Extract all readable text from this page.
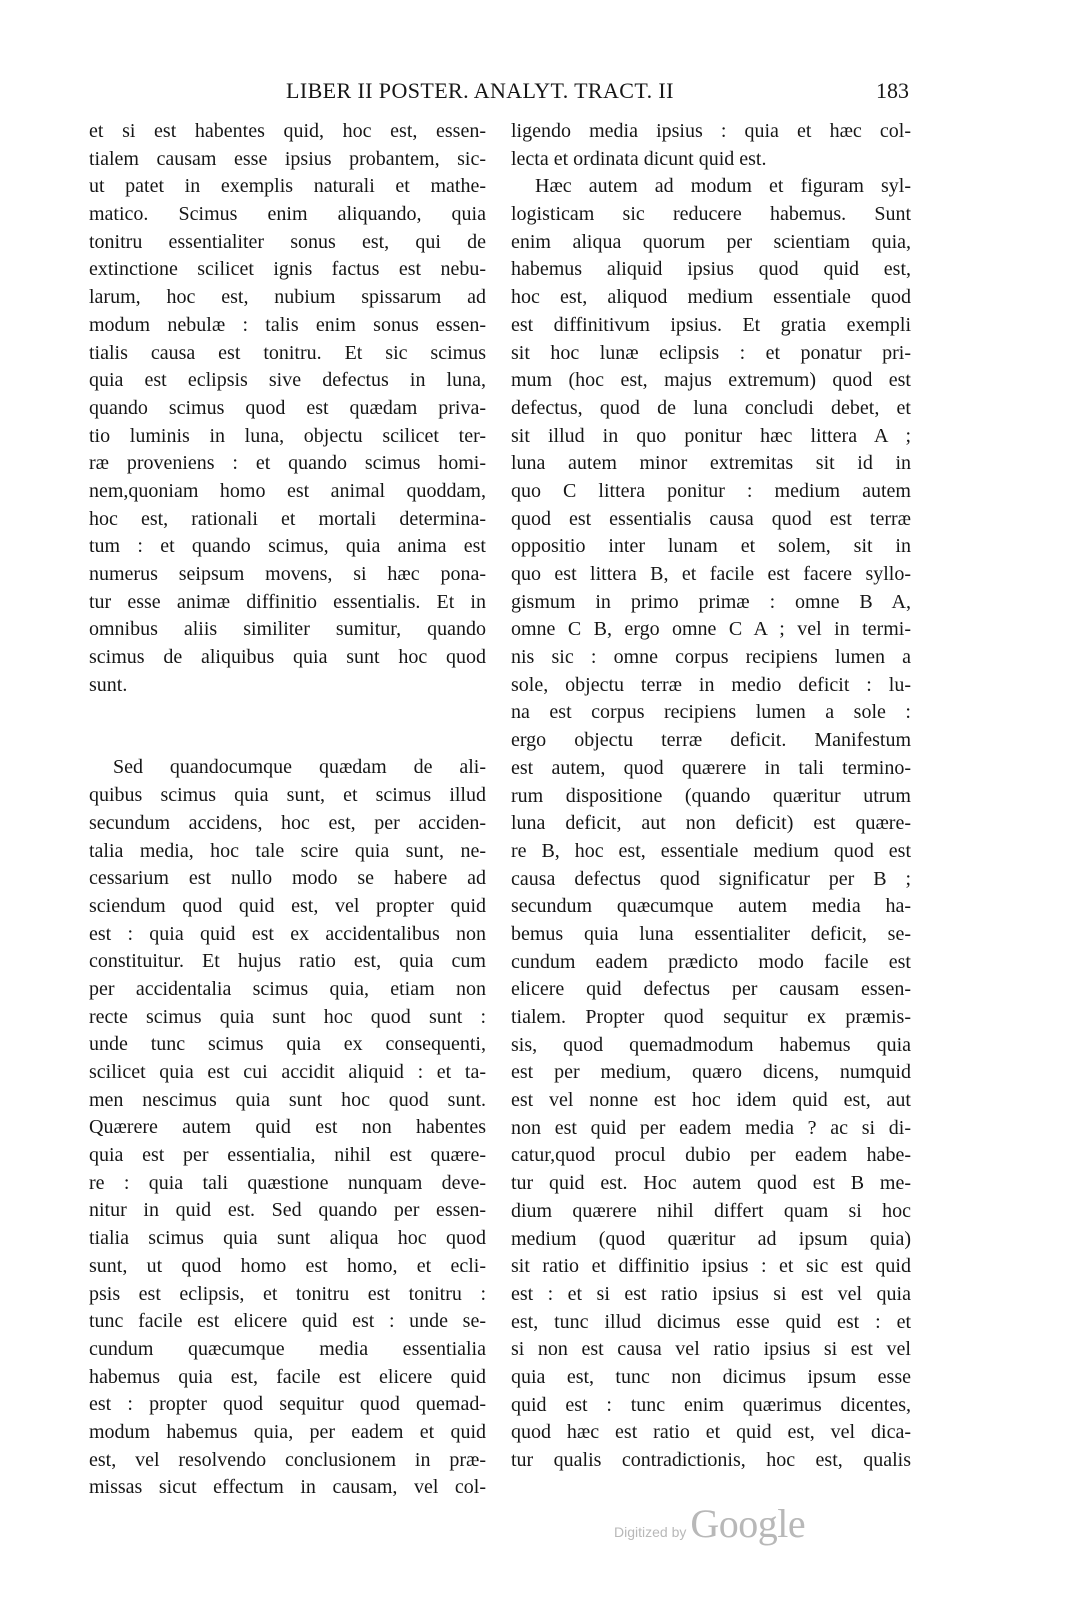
LIBER II POSTER. ANALYT. TRACT. II	183
et si est habentes quid, hoc est, essen-
tialem causam esse ipsius probantem, sic-
ut patet in exemplis naturali et mathe-
matico. Scimus enim aliquando, quia
tonitru essentialiter sonus est, qui de
extinctione scilicet ignis factus est nebu-
larum, hoc est, nubium spissarum ad
modum nebulæ : talis enim sonus essen-
tialis causa est tonitru. Et sic scimus
quia est eclipsis sive defectus in luna,
quando scimus quod est quædam priva-
tio luminis in luna, objectu scilicet ter-
ræ proveniens : et quando scimus homi-
nem,quoniam homo est animal quoddam,
hoc est, rationali et mortali determina-
tum : et quando scimus, quia anima est
numerus seipsum movens, si hæc pona-
tur esse animæ diffinitio essentialis. Et in
omnibus aliis similiter sumitur, quando
scimus de aliquibus quia sunt hoc quod
sunt.
Sed quandocumque quædam de ali-
quibus scimus quia sunt, et scimus illud
secundum accidens, hoc est, per acciden-
talia media, hoc tale scire quia sunt, ne-
cessarium est nullo modo se habere ad
sciendum quod quid est, vel propter quid
est : quia quid est ex accidentalibus non
constituitur. Et hujus ratio est, quia cum
per accidentalia scimus quia, etiam non
recte scimus quia sunt hoc quod sunt :
unde tunc scimus quia ex consequenti,
scilicet quia est cui accidit aliquid : et ta-
men nescimus quia sunt hoc quod sunt.
Quærere autem quid est non habentes
quia est per essentialia, nihil est quære-
re : quia tali quæstione nunquam deve-
nitur in quid est. Sed quando per essen-
tialia scimus quia sunt aliqua hoc quod
sunt, ut quod homo est homo, et ecli-
psis est eclipsis, et tonitru est tonitru :
tunc facile est elicere quid est : unde se-
cundum quæcumque media essentialia
habemus quia est, facile est elicere quid
est : propter quod sequitur quod quemad-
modum habemus quia, per eadem et quid
est, vel resolvendo conclusionem in præ-
missas sicut effectum in causam, vel col-
ligendo media ipsius : quia et hæc col-
lecta et ordinata dicunt quid est.
Hæc autem ad modum et figuram syl-
logisticam sic reducere habemus. Sunt
enim aliqua quorum per scientiam quia,
habemus aliquid ipsius quod quid est,
hoc est, aliquod medium essentiale quod
est diffinitivum ipsius. Et gratia exempli
sit hoc lunæ eclipsis : et ponatur pri-
mum (hoc est, majus extremum) quod est
defectus, quod de luna concludi debet, et
sit illud in quo ponitur hæc littera A ;
luna autem minor extremitas sit id in
quo C littera ponitur : medium autem
quod est essentialis causa quod est terræ
oppositio inter lunam et solem, sit in
quo est littera B, et facile est facere syllo-
gismum in primo primæ : omne B A,
omne C B, ergo omne C A ; vel in termi-
nis sic : omne corpus recipiens lumen a
sole, objectu terræ in medio deficit : lu-
na est corpus recipiens lumen a sole :
ergo objectu terræ deficit. Manifestum
est autem, quod quærere in tali termino-
rum dispositione (quando quæritur utrum
luna deficit, aut non deficit) est quære-
re B, hoc est, essentiale medium quod est
causa defectus quod significatur per B ;
secundum quæcumque autem media ha-
bemus quia luna essentialiter deficit, se-
cundum eadem prædicto modo facile est
elicere quid defectus per causam essen-
tialem. Propter quod sequitur ex præmis-
sis, quod quemadmodum habemus quia
est per medium, quæro dicens, numquid
est vel nonne est hoc idem quid est, aut
non est quid per eadem media ? ac si di-
catur,quod procul dubio per eadem habe-
tur quid est. Hoc autem quod est B me-
dium quærere nihil differt quam si hoc
medium (quod quæritur ad ipsum quia)
sit ratio et diffinitio ipsius : et sic est quid
est : et si est ratio ipsius si est vel quia
est, tunc illud dicimus esse quid est : et
si non est causa vel ratio ipsius si est vel
quia est, tunc non dicimus ipsum esse
quid est : tunc enim quærimus dicentes,
quod hæc est ratio et quid est, vel dica-
tur qualis contradictionis, hoc est, qualis
Digitized by Google
